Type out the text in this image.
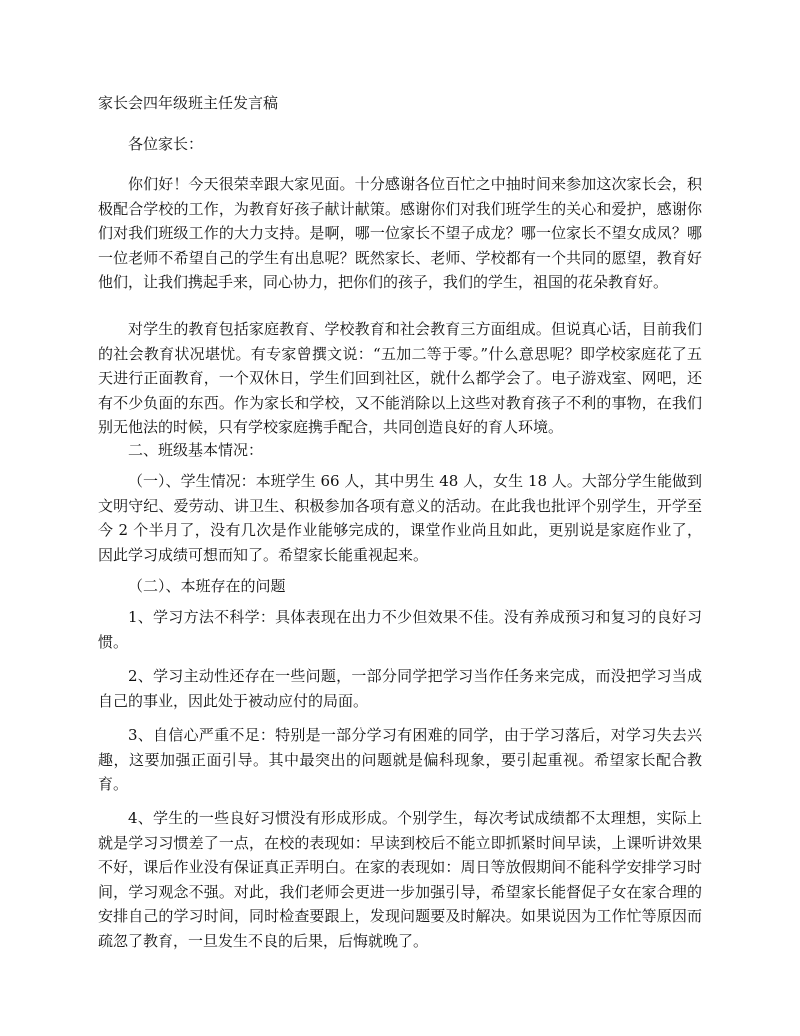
家长会四年级班主任发言稿

各位家长：

你们好！今天很荣幸跟大家见面。十分感谢各位百忙之中抽时间来参加这次家长会，积极配合学校的工作，为教育好孩子献计献策。感谢你们对我们班学生的关心和爱护，感谢你们对我们班级工作的大力支持。是啊，哪一位家长不望子成龙？哪一位家长不望女成凤？哪一位老师不希望自己的学生有出息呢？既然家长、老师、学校都有一个共同的愿望，教育好他们，让我们携起手来，同心协力，把你们的孩子，我们的学生，祖国的花朵教育好。

对学生的教育包括家庭教育、学校教育和社会教育三方面组成。但说真心话，目前我们的社会教育状况堪忧。有专家曾撰文说：“五加二等于零。”什么意思呢？即学校家庭花了五天进行正面教育，一个双休日，学生们回到社区，就什么都学会了。电子游戏室、网吧，还有不少负面的东西。作为家长和学校，又不能消除以上这些对教育孩子不利的事物，在我们别无他法的时候，只有学校家庭携手配合，共同创造良好的育人环境。

二、班级基本情况：

（一）、学生情况：本班学生 66 人，其中男生 48 人，女生 18 人。大部分学生能做到文明守纪、爱劳动、讲卫生、积极参加各项有意义的活动。在此我也批评个别学生，开学至今 2 个半月了，没有几次是作业能够完成的，课堂作业尚且如此，更别说是家庭作业了，因此学习成绩可想而知了。希望家长能重视起来。

（二）、本班存在的问题

1、学习方法不科学：具体表现在出力不少但效果不佳。没有养成预习和复习的良好习惯。

2、学习主动性还存在一些问题，一部分同学把学习当作任务来完成，而没把学习当成自己的事业，因此处于被动应付的局面。

3、自信心严重不足：特别是一部分学习有困难的同学，由于学习落后，对学习失去兴趣，这要加强正面引导。其中最突出的问题就是偏科现象，要引起重视。希望家长配合教育。

4、学生的一些良好习惯没有形成形成。个别学生，每次考试成绩都不太理想，实际上就是学习习惯差了一点，在校的表现如：早读到校后不能立即抓紧时间早读，上课听讲效果不好，课后作业没有保证真正弄明白。在家的表现如：周日等放假期间不能科学安排学习时间，学习观念不强。对此，我们老师会更进一步加强引导，希望家长能督促子女在家合理的安排自己的学习时间，同时检查要跟上，发现问题要及时解决。如果说因为工作忙等原因而疏忽了教育，一旦发生不良的后果，后悔就晚了。
